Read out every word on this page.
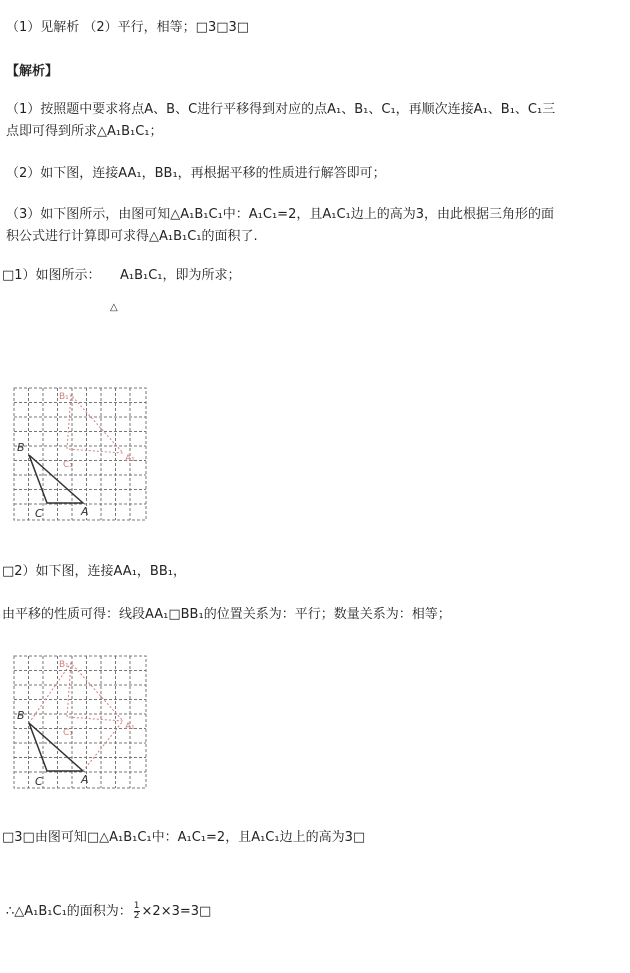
（1）见解析 （2）平行，相等；□3□3□
【解析】
（1）按照题中要求将点A、B、C进行平移得到对应的点A₁、B₁、C₁，再顺次连接A₁、B₁、C₁三
点即可得到所求△A₁B₁C₁；
（2）如下图，连接AA₁，BB₁，再根据平移的性质进行解答即可；
（3）如下图所示，由图可知△A₁B₁C₁中：A₁C₁=2，且A₁C₁边上的高为3，由此根据三角形的面
积公式进行计算即可求得△A₁B₁C₁的面积了.
□1）如图所示： A₁B₁C₁，即为所求；
△
B
C	A
B₁
C₁
A₁
□2）如下图，连接AA₁，BB₁，
由平移的性质可得：线段AA₁□BB₁的位置关系为：平行；数量关系为：相等；
B
C	A
B₁
C₁
A₁
□3□由图可知□△A₁B₁C₁中：A₁C₁=2，且A₁C₁边上的高为3□
∴△A₁B₁C₁的面积为： $\frac{1}{2}$ ×2×3=3□
